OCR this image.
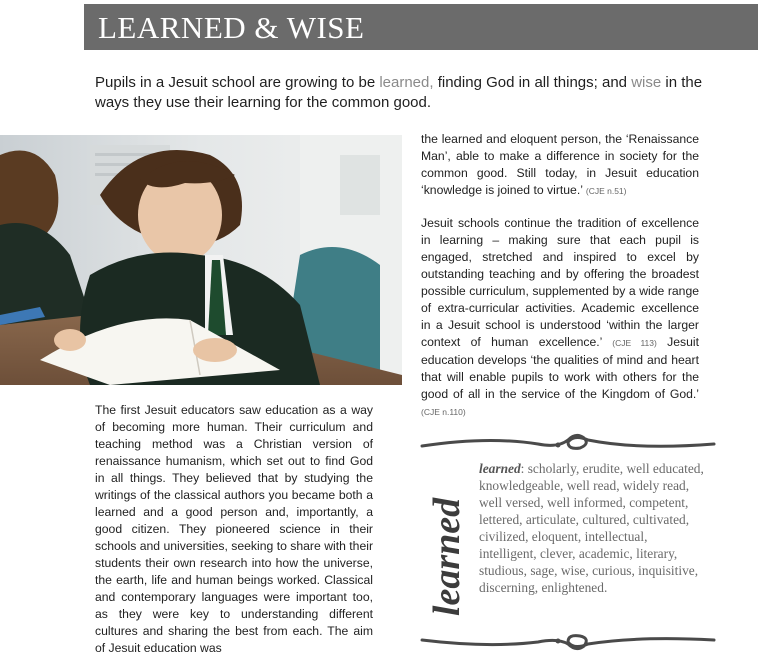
LEARNED & WISE
Pupils in a Jesuit school are growing to be learned, finding God in all things; and wise in the ways they use their learning for the common good.
The first Jesuit educators saw education as a way of becoming more human. Their curriculum and teaching method was a Christian version of renaissance humanism, which set out to find God in all things. They believed that by studying the writings of the classical authors you became both a learned and a good person and, importantly, a good citizen. They pioneered science in their schools and universities, seeking to share with their students their own research into how the universe, the earth, life and human beings worked. Classical and contemporary languages were important too, as they were key to understanding different cultures and sharing the best from each. The aim of Jesuit education was

the learned and eloquent person, the ‘Renaissance Man’, able to make a difference in society for the common good. Still today, in Jesuit education ‘knowledge is joined to virtue.’ (CJE n.51)

Jesuit schools continue the tradition of excellence in learning – making sure that each pupil is engaged, stretched and inspired to excel by outstanding teaching and by offering the broadest possible curriculum, supplemented by a wide range of extra-curricular activities. Academic excellence in a Jesuit school is understood ‘within the larger context of human excellence.’ (CJE 113) Jesuit education develops ‘the qualities of mind and heart that will enable pupils to work with others for the good of all in the service of the Kingdom of God.’ (CJE n.110)

learned
learned: scholarly, erudite, well educated, knowledgeable, well read, widely read, well versed, well informed, competent, lettered, articulate, cultured, cultivated, civilized, eloquent, intellectual, intelligent, clever, academic, literary, studious, sage, wise, curious, inquisitive, discerning, enlightened.
